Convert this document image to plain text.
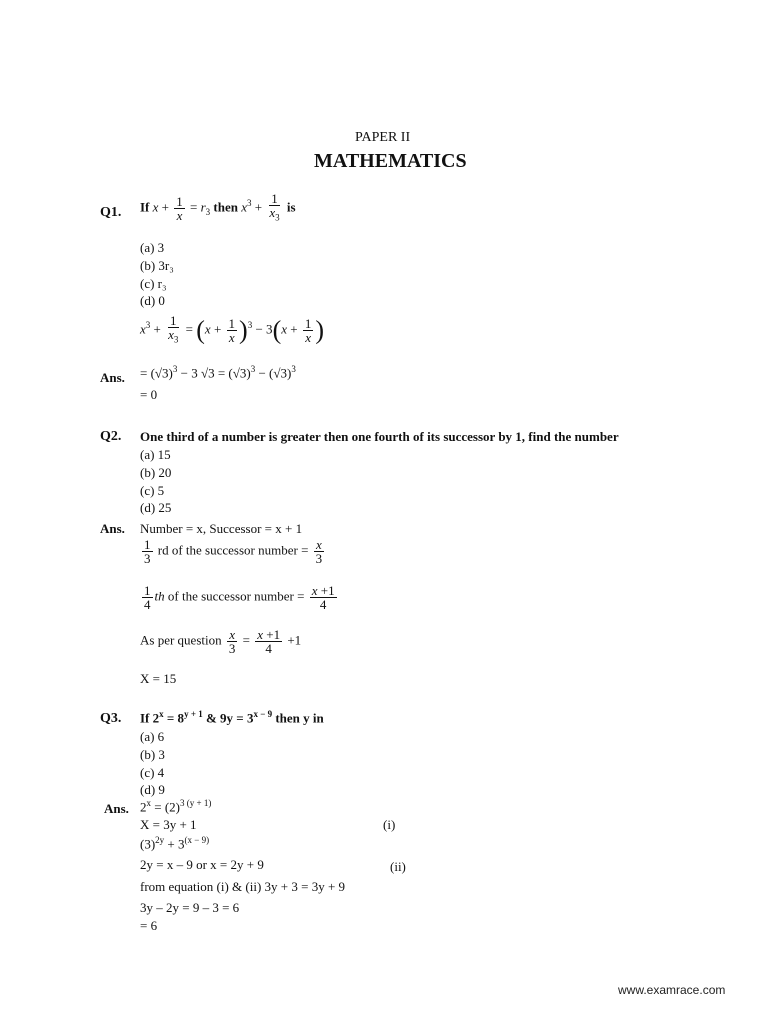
PAPER II
MATHEMATICS
Q1. If $x + \frac{1}{x} = r_3$ then $x^3 + \frac{1}{x_3}$ is
(a) 3
(b) 3r₃
(c) r₃
(d) 0
$x^3 + \frac{1}{x_3} = (x + \frac{1}{x} )^3 - 3(x + \frac{1}{x}$ )
Ans. = $(√3)^3 - 3$ $√3 = (√3)^3 - (√3)^3$
= 0
Q2. One third of a number is greater then one fourth of its successor by 1, find the number
(a) 15
(b) 20
(c) 5
(d) 25
Ans. Number = x, Successor = x + 1
$\frac{1}{3}$ rd of the successor number = $\frac{x}{3}$
$\frac{1}{4}$ th of the successor number = $\frac{x +1}{4}$
As per question $\frac{x}{3} = \frac{x +1}{4} +1$
X = 15
Q3. If $2^x = 8^{y + 1}$ & $9y = 3^{x - 9}$ then y in
(a) 6
(b) 3
(c) 4
(d) 9
Ans. $2^x = (2)^{3 (y + 1)}$
X = 3y + 1	(i)
$(3)^{2y} + 3^{(x - 9)}$
2y = x – 9 or x = 2y + 9	(ii)
from equation (i) & (ii) 3y + 3 = 3y + 9
3y – 2y = 9 – 3 = 6
= 6
www.examrace.com
